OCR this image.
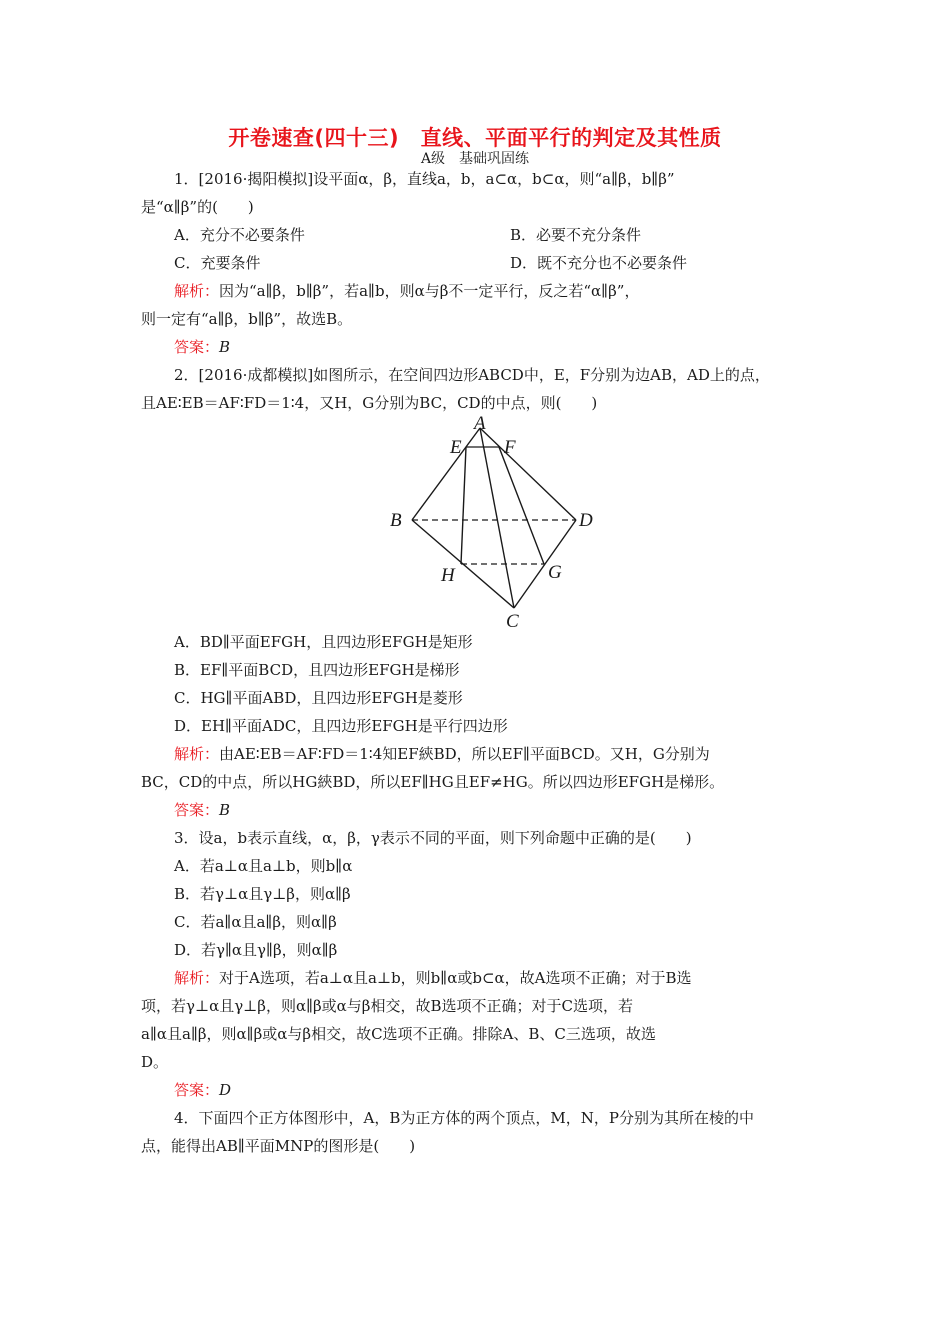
开卷速查(四十三)　直线、平面平行的判定及其性质
A级　基础巩固练
1．[2016·揭阳模拟]设平面α，β，直线a，b，a⊂α，b⊂α，则“a∥β，b∥β”
是“α∥β”的(　　)
A．充分不必要条件	B．必要不充分条件
C．充要条件	D．既不充分也不必要条件
解析：因为“a∥β，b∥β”，若a∥b，则α与β不一定平行，反之若“α∥β”，
则一定有“a∥β，b∥β”，故选B。
答案：B
2．[2016·成都模拟]如图所示，在空间四边形ABCD中，E，F分别为边AB，AD上的点，
且AE∶EB＝AF∶FD＝1∶4，又H，G分别为BC，CD的中点，则(　　)
A
E F
B	D
H	G
C
A．BD∥平面EFGH，且四边形EFGH是矩形
B．EF∥平面BCD，且四边形EFGH是梯形
C．HG∥平面ABD，且四边形EFGH是菱形
D．EH∥平面ADC，且四边形EFGH是平行四边形
解析：由AE∶EB＝AF∶FD＝1∶4知EF綊BD，所以EF∥平面BCD。又H，G分别为
BC，CD的中点，所以HG綊BD，所以EF∥HG且EF≠HG。所以四边形EFGH是梯形。
答案：B
3．设a，b表示直线，α，β，γ表示不同的平面，则下列命题中正确的是(　　)
A．若a⊥α且a⊥b，则b∥α
B．若γ⊥α且γ⊥β，则α∥β
C．若a∥α且a∥β，则α∥β
D．若γ∥α且γ∥β，则α∥β
解析：对于A选项，若a⊥α且a⊥b，则b∥α或b⊂α，故A选项不正确；对于B选
项，若γ⊥α且γ⊥β，则α∥β或α与β相交，故B选项不正确；对于C选项，若
a∥α且a∥β，则α∥β或α与β相交，故C选项不正确。排除A、B、C三选项，故选
D。
答案：D
4．下面四个正方体图形中，A，B为正方体的两个顶点，M，N，P分别为其所在棱的中
点，能得出AB∥平面MNP的图形是(　　)
